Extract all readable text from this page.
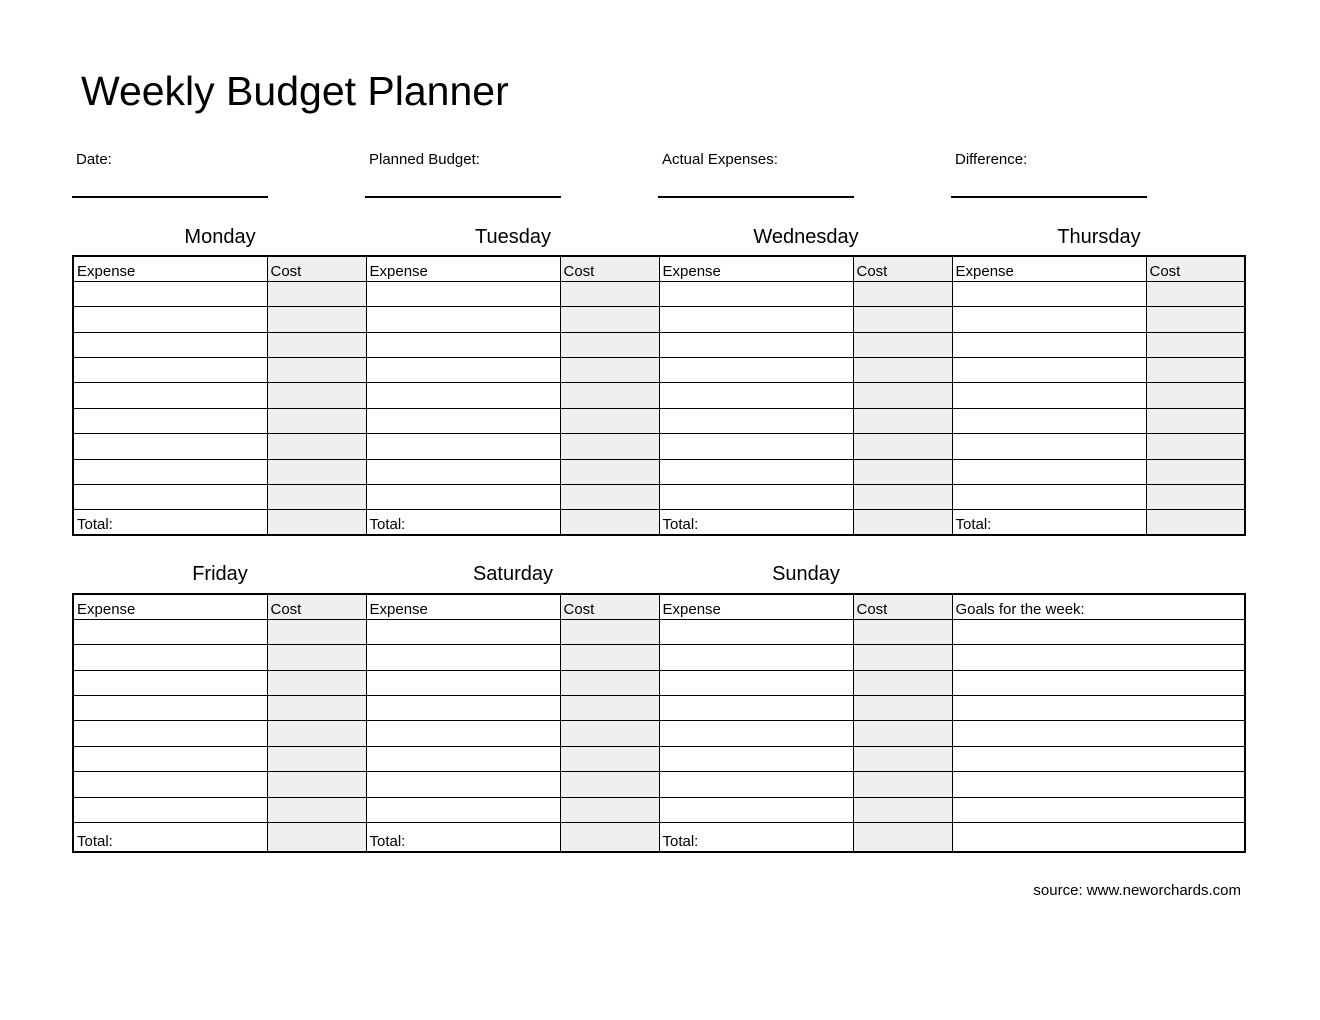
Weekly Budget Planner
Date:	Planned Budget:	Actual Expenses:	Difference:
Monday	Tuesday	Wednesday	Thursday
Expense	Cost	Expense	Cost	Expense	Cost	Expense	Cost

Total:		Total:		Total:		Total:	
Friday	Saturday	Sunday
Expense	Cost	Expense	Cost	Expense	Cost	Goals for the week:

Total:		Total:		Total:		
source: www.neworchards.com
